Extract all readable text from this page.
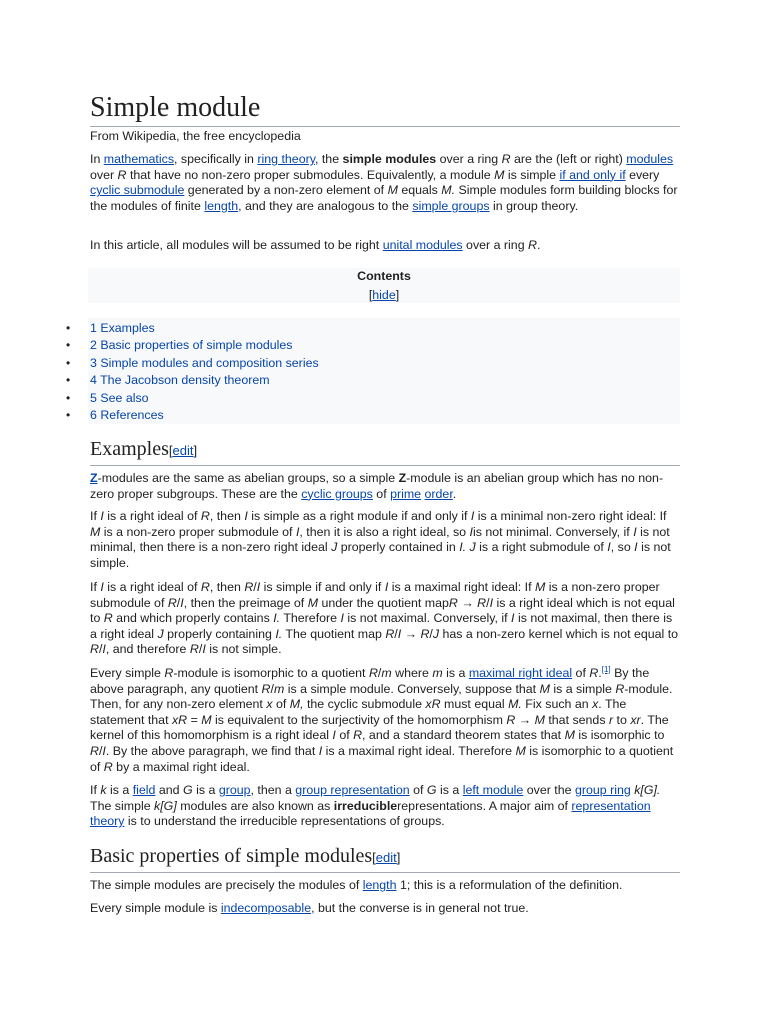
Simple module

From Wikipedia, the free encyclopedia

In mathematics, specifically in ring theory, the simple modules over a ring R are the (left or right) modules over R that have no non-zero proper submodules. Equivalently, a module M is simple if and only if every cyclic submodule generated by a non-zero element of M equals M. Simple modules form building blocks for the modules of finite length, and they are analogous to the simple groups in group theory.

In this article, all modules will be assumed to be right unital modules over a ring R.

Contents
[hide]
• 1 Examples
• 2 Basic properties of simple modules
• 3 Simple modules and composition series
• 4 The Jacobson density theorem
• 5 See also
• 6 References
Examples[edit]

Z-modules are the same as abelian groups, so a simple Z-module is an abelian group which has no non-zero proper subgroups. These are the cyclic groups of prime order.

If I is a right ideal of R, then I is simple as a right module if and only if I is a minimal non-zero right ideal: If M is a non-zero proper submodule of I, then it is also a right ideal, so Iis not minimal. Conversely, if I is not minimal, then there is a non-zero right ideal J properly contained in I. J is a right submodule of I, so I is not simple.

If I is a right ideal of R, then R/I is simple if and only if I is a maximal right ideal: If M is a non-zero proper submodule of R/I, then the preimage of M under the quotient mapR → R/I is a right ideal which is not equal to R and which properly contains I. Therefore I is not maximal. Conversely, if I is not maximal, then there is a right ideal J properly containing I. The quotient map R/I → R/J has a non-zero kernel which is not equal to R/I, and therefore R/I is not simple.

Every simple R-module is isomorphic to a quotient R/m where m is a maximal right ideal of R.[1] By the above paragraph, any quotient R/m is a simple module. Conversely, suppose that M is a simple R-module. Then, for any non-zero element x of M, the cyclic submodule xR must equal M. Fix such an x. The statement that xR = M is equivalent to the surjectivity of the homomorphism R → M that sends r to xr. The kernel of this homomorphism is a right ideal I of R, and a standard theorem states that M is isomorphic to R/I. By the above paragraph, we find that I is a maximal right ideal. Therefore M is isomorphic to a quotient of R by a maximal right ideal.

If k is a field and G is a group, then a group representation of G is a left module over the group ring k[G]. The simple k[G] modules are also known as irreduciblerepresentations. A major aim of representation theory is to understand the irreducible representations of groups.

Basic properties of simple modules[edit]

The simple modules are precisely the modules of length 1; this is a reformulation of the definition.

Every simple module is indecomposable, but the converse is in general not true.
